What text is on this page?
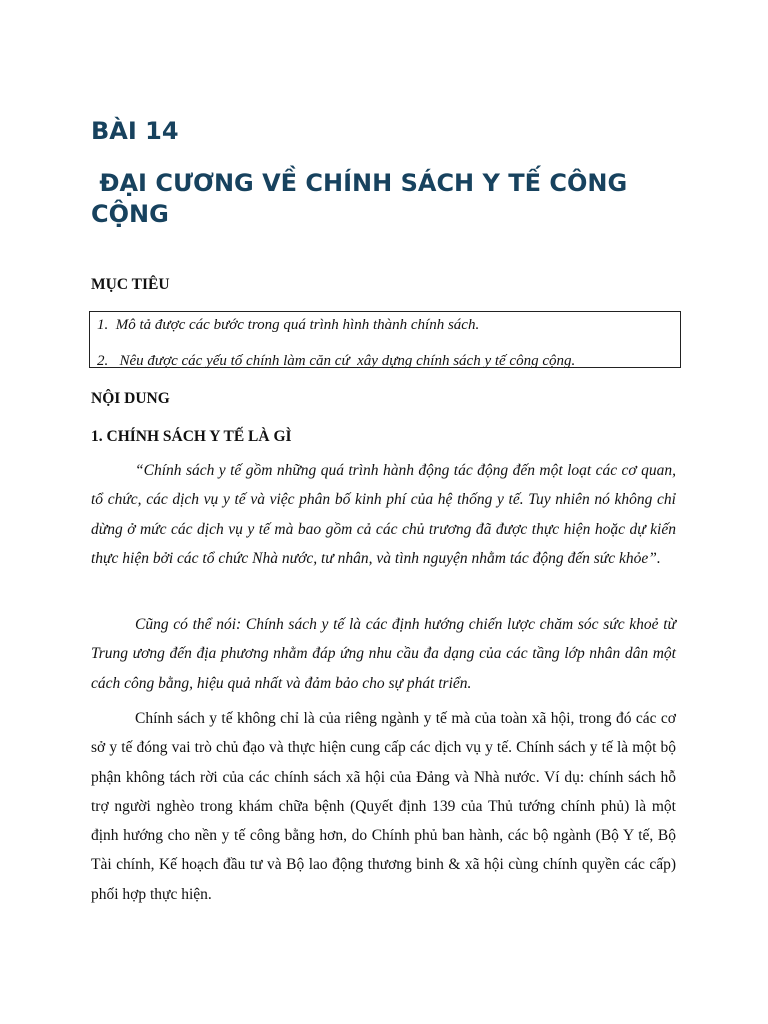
BÀI 14
ĐẠI CƯƠNG VỀ CHÍNH SÁCH Y TẾ CÔNG CỘNG
MỤC TIÊU
1.  Mô tả được các bước trong quá trình hình thành chính sách.
2.   Nêu được các yếu tố chính làm căn cứ  xây dựng chính sách y tế công cộng.
NỘI DUNG
1. CHÍNH SÁCH Y TẾ LÀ GÌ

“Chính sách y tế gồm những quá trình hành động tác động đến một loạt các cơ quan, tổ chức, các dịch vụ y tế và việc phân bố kinh phí của hệ thống y tế. Tuy nhiên nó không chỉ dừng ở mức các dịch vụ y tế mà bao gồm cả các chủ trương đã được thực hiện hoặc dự kiến thực hiện bởi các tổ chức Nhà nước, tư nhân, và tình nguyện nhằm tác động đến sức khỏe”.

Cũng có thể nói: Chính sách y tế là các định hướng chiến lược chăm sóc sức khoẻ từ Trung ương đến địa phương nhằm đáp ứng nhu cầu đa dạng của các tầng lớp nhân dân một cách công bằng, hiệu quả nhất và đảm bảo cho sự phát triển.

Chính sách y tế không chỉ là của riêng ngành y tế mà của toàn xã hội, trong đó các cơ sở y tế đóng vai trò chủ đạo và thực hiện cung cấp các dịch vụ y tế. Chính sách y tế là một bộ phận không tách rời của các chính sách xã hội của Đảng và Nhà nước. Ví dụ: chính sách hỗ trợ người nghèo trong khám chữa bệnh (Quyết định 139 của Thủ tướng chính phủ) là một định hướng cho nền y tế công bằng hơn, do Chính phủ ban hành, các bộ ngành (Bộ Y tế, Bộ Tài chính, Kế hoạch đầu tư và Bộ lao động thương binh & xã hội cùng chính quyền các cấp) phối hợp thực hiện.
